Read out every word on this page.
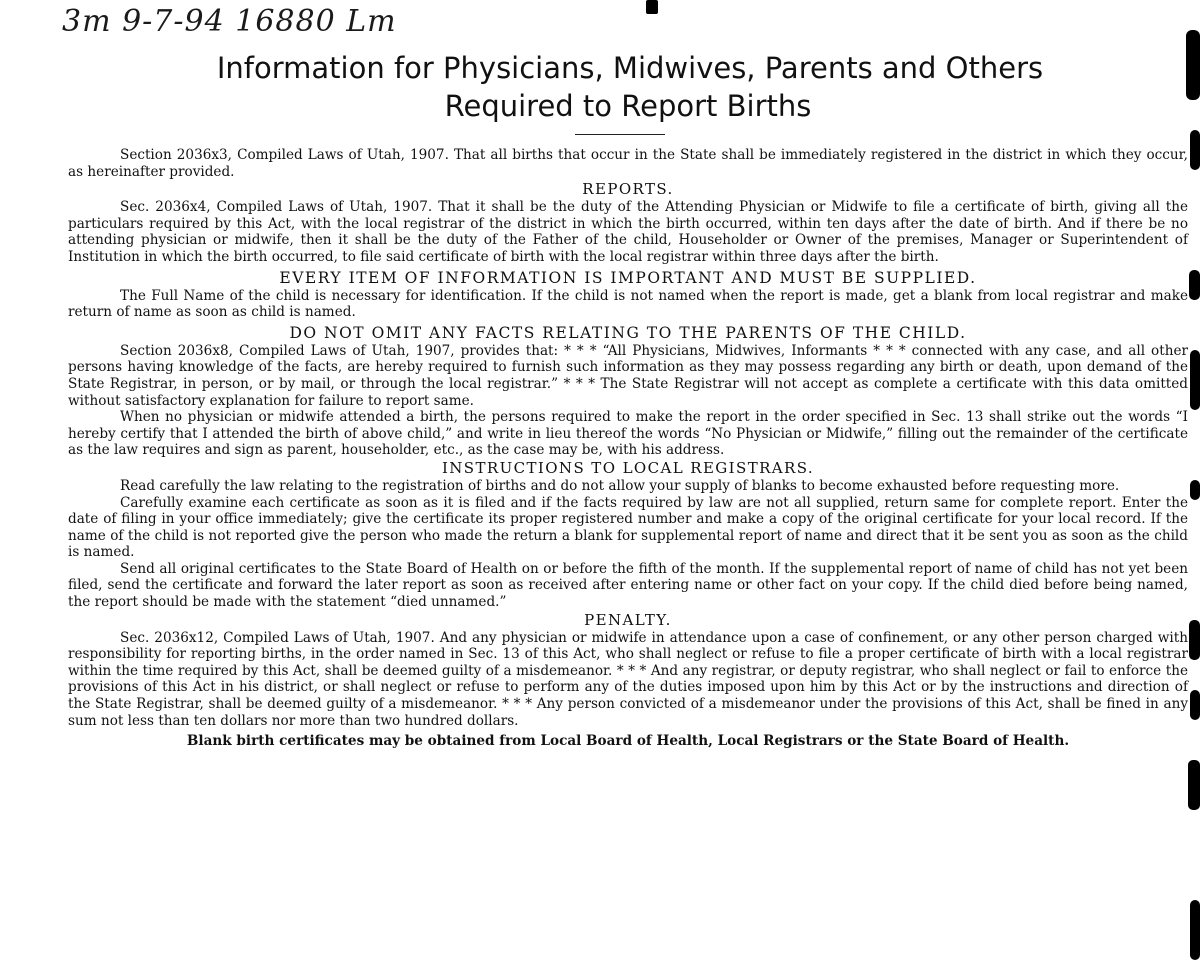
3m 9-7-94 16880 Lm
Information for Physicians, Midwives, Parents and Others
Required to Report Births

Section 2036x3, Compiled Laws of Utah, 1907. That all births that occur in the State shall be immediately registered in the district in which they occur, as hereinafter provided.

REPORTS.

Sec. 2036x4, Compiled Laws of Utah, 1907. That it shall be the duty of the Attending Physician or Midwife to file a certificate of birth, giving all the particulars required by this Act, with the local registrar of the district in which the birth occurred, within ten days after the date of birth. And if there be no attending physician or midwife, then it shall be the duty of the Father of the child, Householder or Owner of the premises, Manager or Superintendent of Institution in which the birth occurred, to file said certificate of birth with the local registrar within three days after the birth.

EVERY ITEM OF INFORMATION IS IMPORTANT AND MUST BE SUPPLIED.

The Full Name of the child is necessary for identification. If the child is not named when the report is made, get a blank from local registrar and make return of name as soon as child is named.

DO NOT OMIT ANY FACTS RELATING TO THE PARENTS OF THE CHILD.

Section 2036x8, Compiled Laws of Utah, 1907, provides that: * * * “All Physicians, Midwives, Informants * * * connected with any case, and all other persons having knowledge of the facts, are hereby required to furnish such information as they may possess regarding any birth or death, upon demand of the State Registrar, in person, or by mail, or through the local registrar.” * * * The State Registrar will not accept as complete a certificate with this data omitted without satisfactory explanation for failure to report same.

When no physician or midwife attended a birth, the persons required to make the report in the order specified in Sec. 13 shall strike out the words “I hereby certify that I attended the birth of above child,” and write in lieu thereof the words “No Physician or Midwife,” filling out the remainder of the certificate as the law requires and sign as parent, householder, etc., as the case may be, with his address.

INSTRUCTIONS TO LOCAL REGISTRARS.

Read carefully the law relating to the registration of births and do not allow your supply of blanks to become exhausted before requesting more.

Carefully examine each certificate as soon as it is filed and if the facts required by law are not all supplied, return same for complete report. Enter the date of filing in your office immediately; give the certificate its proper registered number and make a copy of the original certificate for your local record. If the name of the child is not reported give the person who made the return a blank for supplemental report of name and direct that it be sent you as soon as the child is named.

Send all original certificates to the State Board of Health on or before the fifth of the month. If the supplemental report of name of child has not yet been filed, send the certificate and forward the later report as soon as received after entering name or other fact on your copy. If the child died before being named, the report should be made with the statement “died unnamed.”

PENALTY.

Sec. 2036x12, Compiled Laws of Utah, 1907. And any physician or midwife in attendance upon a case of confinement, or any other person charged with responsibility for reporting births, in the order named in Sec. 13 of this Act, who shall neglect or refuse to file a proper certificate of birth with a local registrar within the time required by this Act, shall be deemed guilty of a misdemeanor. * * * And any registrar, or deputy registrar, who shall neglect or fail to enforce the provisions of this Act in his district, or shall neglect or refuse to perform any of the duties imposed upon him by this Act or by the instructions and direction of the State Registrar, shall be deemed guilty of a misdemeanor. * * * Any person convicted of a misdemeanor under the provisions of this Act, shall be fined in any sum not less than ten dollars nor more than two hundred dollars.

Blank birth certificates may be obtained from Local Board of Health, Local Registrars or the State Board of Health.
